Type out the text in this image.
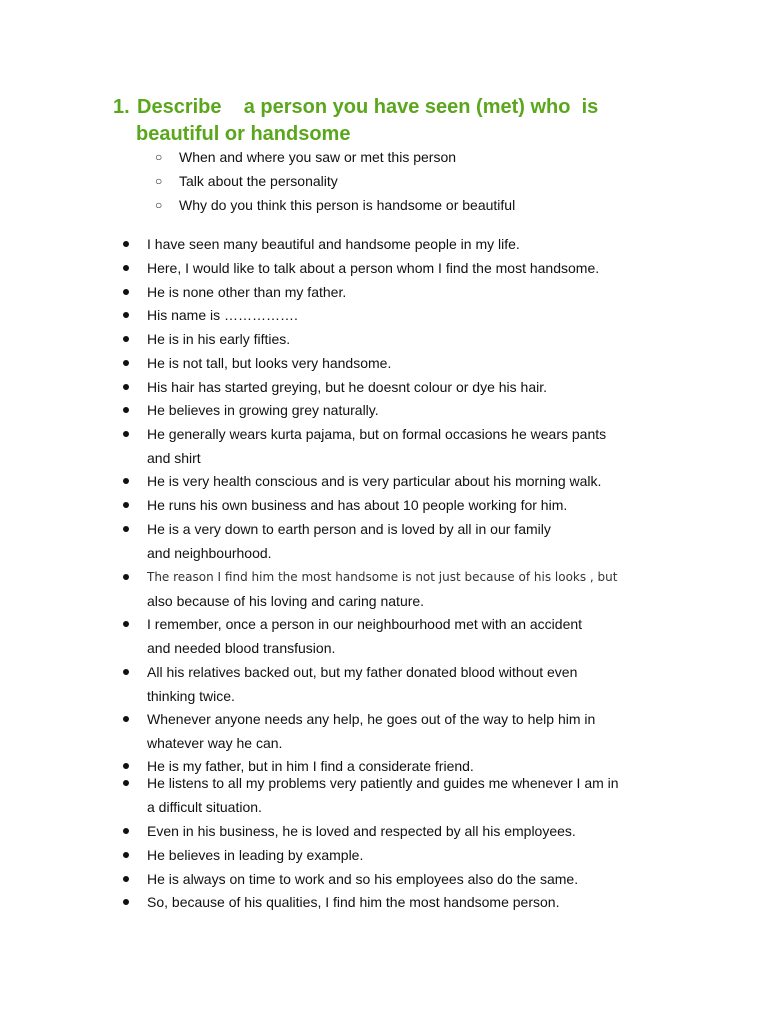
1. Describe    a person you have seen (met) who  is
beautiful or handsome

○

When and where you saw or met this person

○

Talk about the personality

○

Why do you think this person is handsome or beautiful

I have seen many beautiful and handsome people in my life.

Here, I would like to talk about a person whom I find the most handsome.

He is none other than my father.

His name is …………….

He is in his early fifties.

He is not tall, but looks very handsome.

His hair has started greying, but he doesnt colour or dye his hair.

He believes in growing grey naturally.

He generally wears kurta pajama, but on formal occasions he wears pants

and shirt

He is very health conscious and is very particular about his morning walk.

He runs his own business and has about 10 people working for him.

He is a very down to earth person and is loved by all in our family

and neighbourhood.

The reason I find him the most handsome is not just because of his looks , but

also because of his loving and caring nature.

I remember, once a person in our neighbourhood met with an accident

and needed blood transfusion.

All his relatives backed out, but my father donated blood without even

thinking twice.

Whenever anyone needs any help, he goes out of the way to help him in

whatever way he can.

He is my father, but in him I find a considerate friend.

He listens to all my problems very patiently and guides me whenever I am in

a difficult situation.

Even in his business, he is loved and respected by all his employees.

He believes in leading by example.

He is always on time to work and so his employees also do the same.

So, because of his qualities, I find him the most handsome person.
